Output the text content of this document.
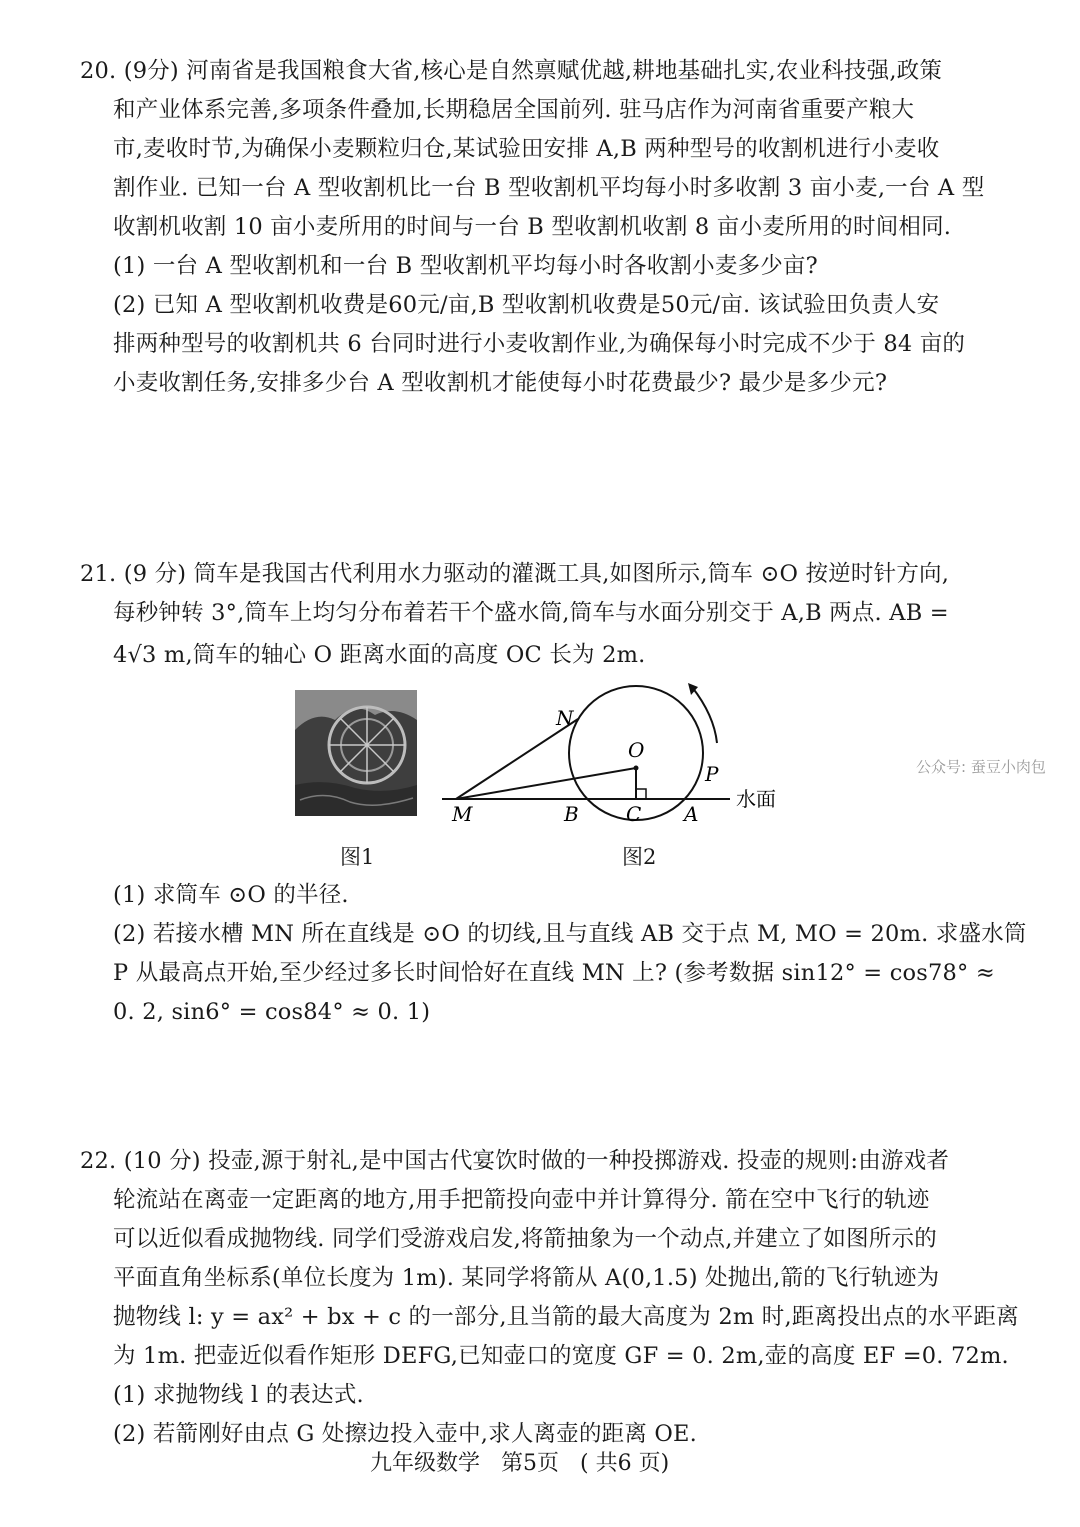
20. (9分) 河南省是我国粮食大省,核心是自然禀赋优越,耕地基础扎实,农业科技强,政策
和产业体系完善,多项条件叠加,长期稳居全国前列. 驻马店作为河南省重要产粮大
市,麦收时节,为确保小麦颗粒归仓,某试验田安排 A,B 两种型号的收割机进行小麦收
割作业. 已知一台 A 型收割机比一台 B 型收割机平均每小时多收割 3 亩小麦,一台 A 型
收割机收割 10 亩小麦所用的时间与一台 B 型收割机收割 8 亩小麦所用的时间相同.
(1) 一台 A 型收割机和一台 B 型收割机平均每小时各收割小麦多少亩?
(2) 已知 A 型收割机收费是60元/亩,B 型收割机收费是50元/亩. 该试验田负责人安
排两种型号的收割机共 6 台同时进行小麦收割作业,为确保每小时完成不少于 84 亩的
小麦收割任务,安排多少台 A 型收割机才能使每小时花费最少? 最少是多少元?
21. (9 分) 筒车是我国古代利用水力驱动的灌溉工具,如图所示,筒车 ⊙O 按逆时针方向,
每秒钟转 3°,筒车上均匀分布着若干个盛水筒,筒车与水面分别交于 A,B 两点. AB =
4√3 m,筒车的轴心 O 距离水面的高度 OC 长为 2m.
N
O
P
M	B C A
水面
图1	图2
(1) 求筒车 ⊙O 的半径.
(2) 若接水槽 MN 所在直线是 ⊙O 的切线,且与直线 AB 交于点 M, MO = 20m. 求盛水筒
P 从最高点开始,至少经过多长时间恰好在直线 MN 上? (参考数据 sin12° = cos78° ≈
0. 2, sin6° = cos84° ≈ 0. 1)
公众号: 蚕豆小肉包
22. (10 分) 投壶,源于射礼,是中国古代宴饮时做的一种投掷游戏. 投壶的规则:由游戏者
轮流站在离壶一定距离的地方,用手把箭投向壶中并计算得分. 箭在空中飞行的轨迹
可以近似看成抛物线. 同学们受游戏启发,将箭抽象为一个动点,并建立了如图所示的
平面直角坐标系(单位长度为 1m). 某同学将箭从 A(0,1.5) 处抛出,箭的飞行轨迹为
抛物线 l: y = ax² + bx + c 的一部分,且当箭的最大高度为 2m 时,距离投出点的水平距离
为 1m. 把壶近似看作矩形 DEFG,已知壶口的宽度 GF = 0. 2m,壶的高度 EF =0. 72m.
(1) 求抛物线 l 的表达式.
(2) 若箭刚好由点 G 处擦边投入壶中,求人离壶的距离 OE.
九年级数学 第5页 ( 共6 页)
